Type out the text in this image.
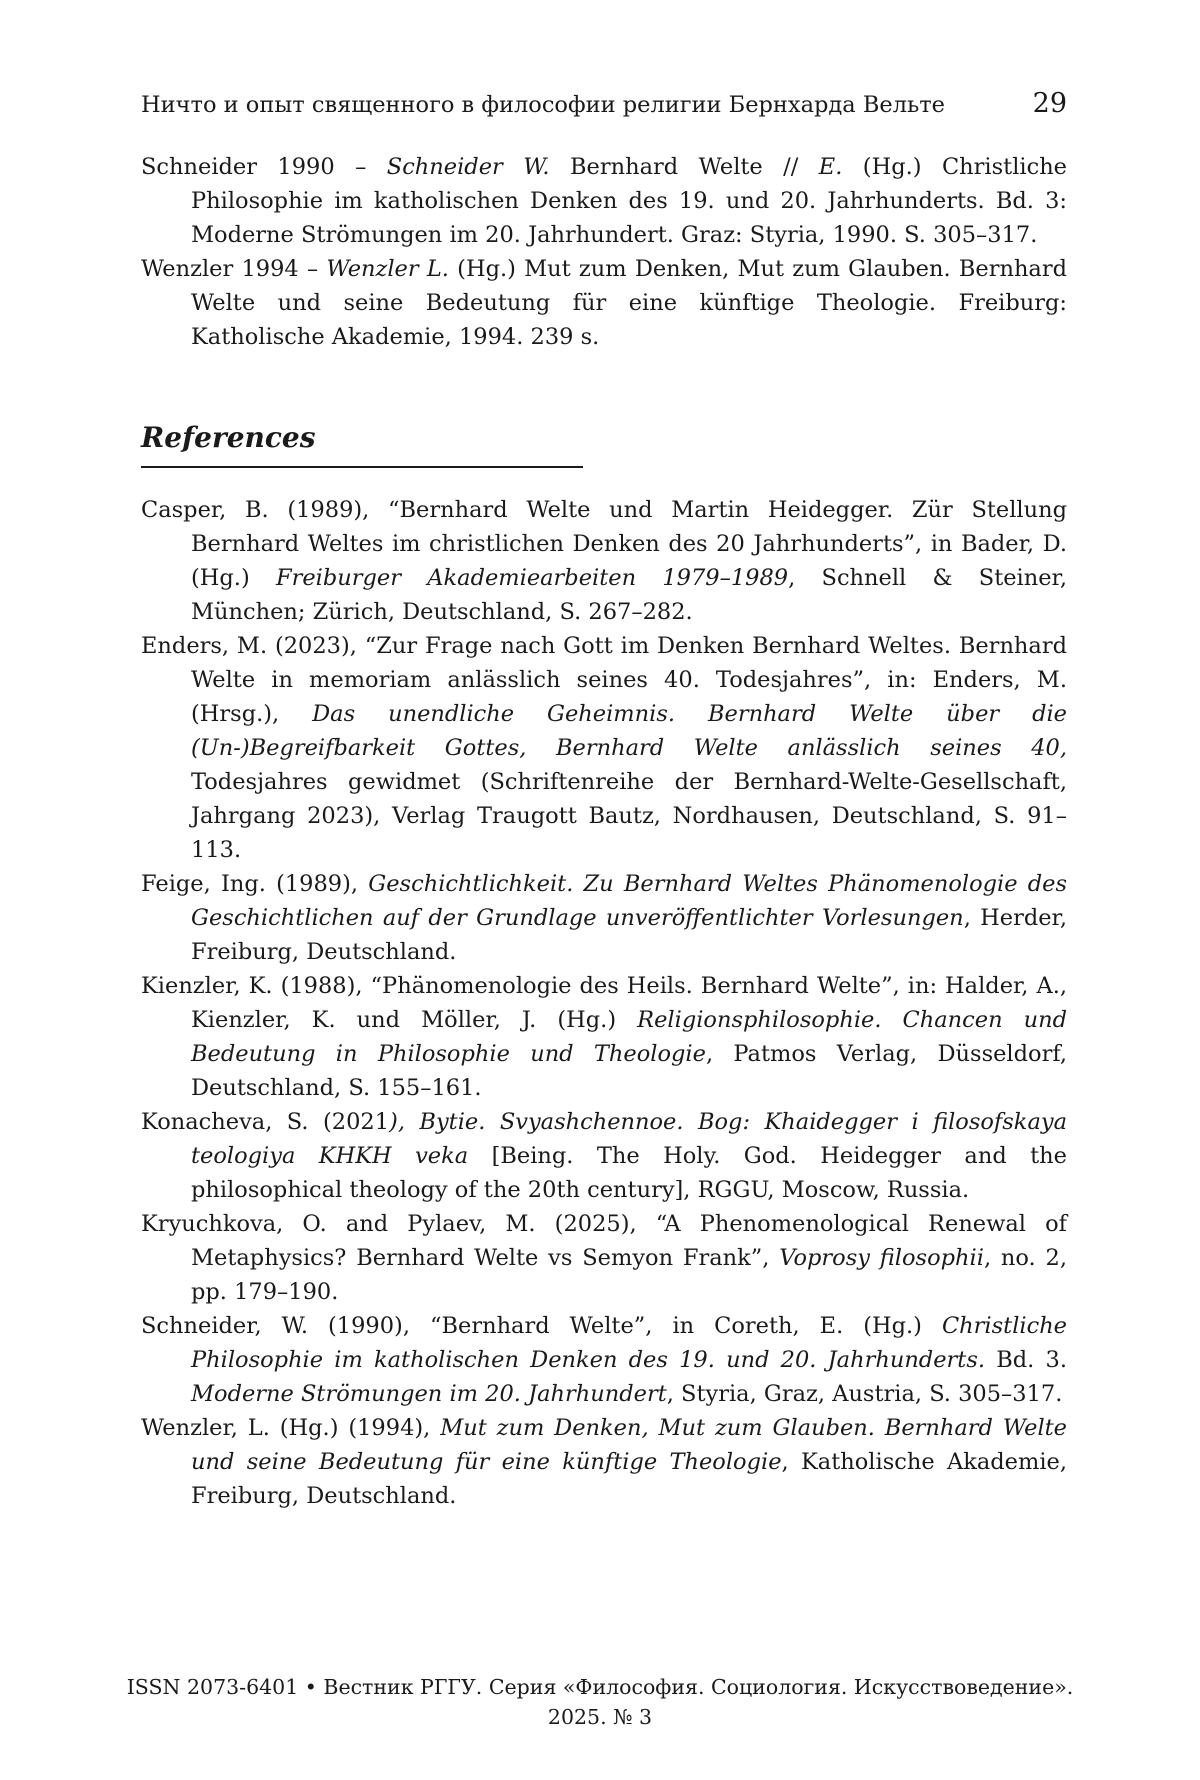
Ничто и опыт священного в философии религии Бернхарда Вельте	29

Schneider 1990 – Schneider W. Bernhard Welte // E. (Hg.) Christliche Philosophie im katholischen Denken des 19. und 20. Jahrhunderts. Bd. 3: Moderne Strömungen im 20. Jahrhundert. Graz: Styria, 1990. S. 305–317.

Wenzler 1994 – Wenzler L. (Hg.) Mut zum Denken, Mut zum Glauben. Bernhard Welte und seine Bedeutung für eine künftige Theologie. Freiburg: Katholische Akademie, 1994. 239 s.

References

Casper, B. (1989), “Bernhard Welte und Martin Heidegger. Zür Stellung Bernhard Weltes im christlichen Denken des 20 Jahrhunderts”, in Bader, D. (Hg.) Freiburger Akademiearbeiten 1979–1989, Schnell & Steiner, München; Zürich, Deutschland, S. 267–282.

Enders, M. (2023), “Zur Frage nach Gott im Denken Bernhard Weltes. Bernhard Welte in memoriam anlässlich seines 40. Todesjahres”, in: Enders, M. (Hrsg.), Das unendliche Geheimnis. Bernhard Welte über die (Un-)Begreifbarkeit Gottes, Bernhard Welte anlässlich seines 40, Todesjahres gewidmet (Schriftenreihe der Bernhard-Welte-Gesellschaft, Jahrgang 2023), Verlag Traugott Bautz, Nordhausen, Deutschland, S. 91–113.

Feige, Ing. (1989), Geschichtlichkeit. Zu Bernhard Weltes Phänomenologie des Geschichtlichen auf der Grundlage unveröffentlichter Vorlesungen, Herder, Freiburg, Deutschland.

Kienzler, K. (1988), “Phänomenologie des Heils. Bernhard Welte”, in: Halder, A., Kienzler, K. und Möller, J. (Hg.) Religionsphilosophie. Chancen und Bedeutung in Philosophie und Theologie, Patmos Verlag, Düsseldorf, Deutschland, S. 155–161.

Konacheva, S. (2021), Bytie. Svyashchennoe. Bog: Khaidegger i filosofskaya teologiya KHKH veka [Being. The Holy. God. Heidegger and the philosophical theology of the 20th century], RGGU, Moscow, Russia.

Kryuchkova, O. and Pylaev, M. (2025), “A Phenomenological Renewal of Metaphysics? Bernhard Welte vs Semyon Frank”, Voprosy filosophii, no. 2, pp. 179–190.

Schneider, W. (1990), “Bernhard Welte”, in Coreth, E. (Hg.) Christliche Philosophie im katholischen Denken des 19. und 20. Jahrhunderts. Bd. 3. Moderne Strömungen im 20. Jahrhundert, Styria, Graz, Austria, S. 305–317.

Wenzler, L. (Hg.) (1994), Mut zum Denken, Mut zum Glauben. Bernhard Welte und seine Bedeutung für eine künftige Theologie, Katholische Akademie, Freiburg, Deutschland.

ISSN 2073-6401 • Вестник РГГУ. Серия «Философия. Социология. Искусствоведение».
2025. № 3
